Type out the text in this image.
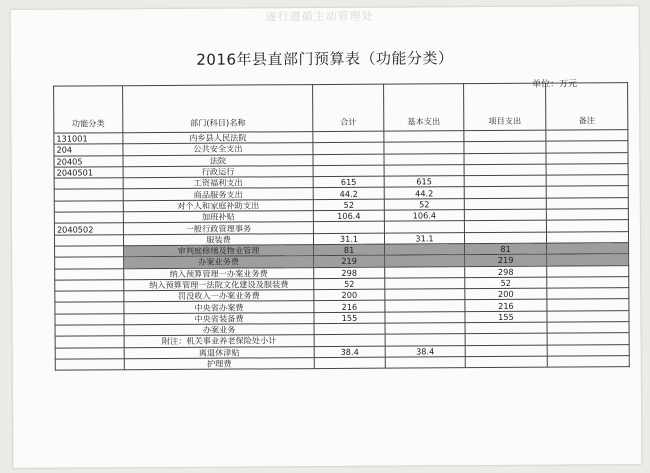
遂行遵循主动管理处
2016年县直部门预算表（功能分类）
单位：万元
功能分类	部门(科目)名称	合计	基本支出	项目支出	备注
131001	内乡县人民法院				
204	公共安全支出				
20405	法院				
2040501	行政运行				
	工资福利支出	615	615		
	商品服务支出	44.2	44.2		
	对个人和家庭补助支出	52	52		
	加班补贴	106.4	106.4		
2040502	一般行政管理事务				
	服装费	31.1	31.1		
	审判庭修缮及物业管理	81		81	
	办案业务费	219		219	
	纳入预算管理一办案业务费	298		298	
	纳入预算管理一法院文化建设及服装费	52		52	
	罚没收入一办案业务费	200		200	
	中央省办案费	216		216	
	中央省装备费	155		155	
	办案业务				
	附注：机关事业养老保险处小计				
	离退休津贴	38.4	38.4		
	护理费				
